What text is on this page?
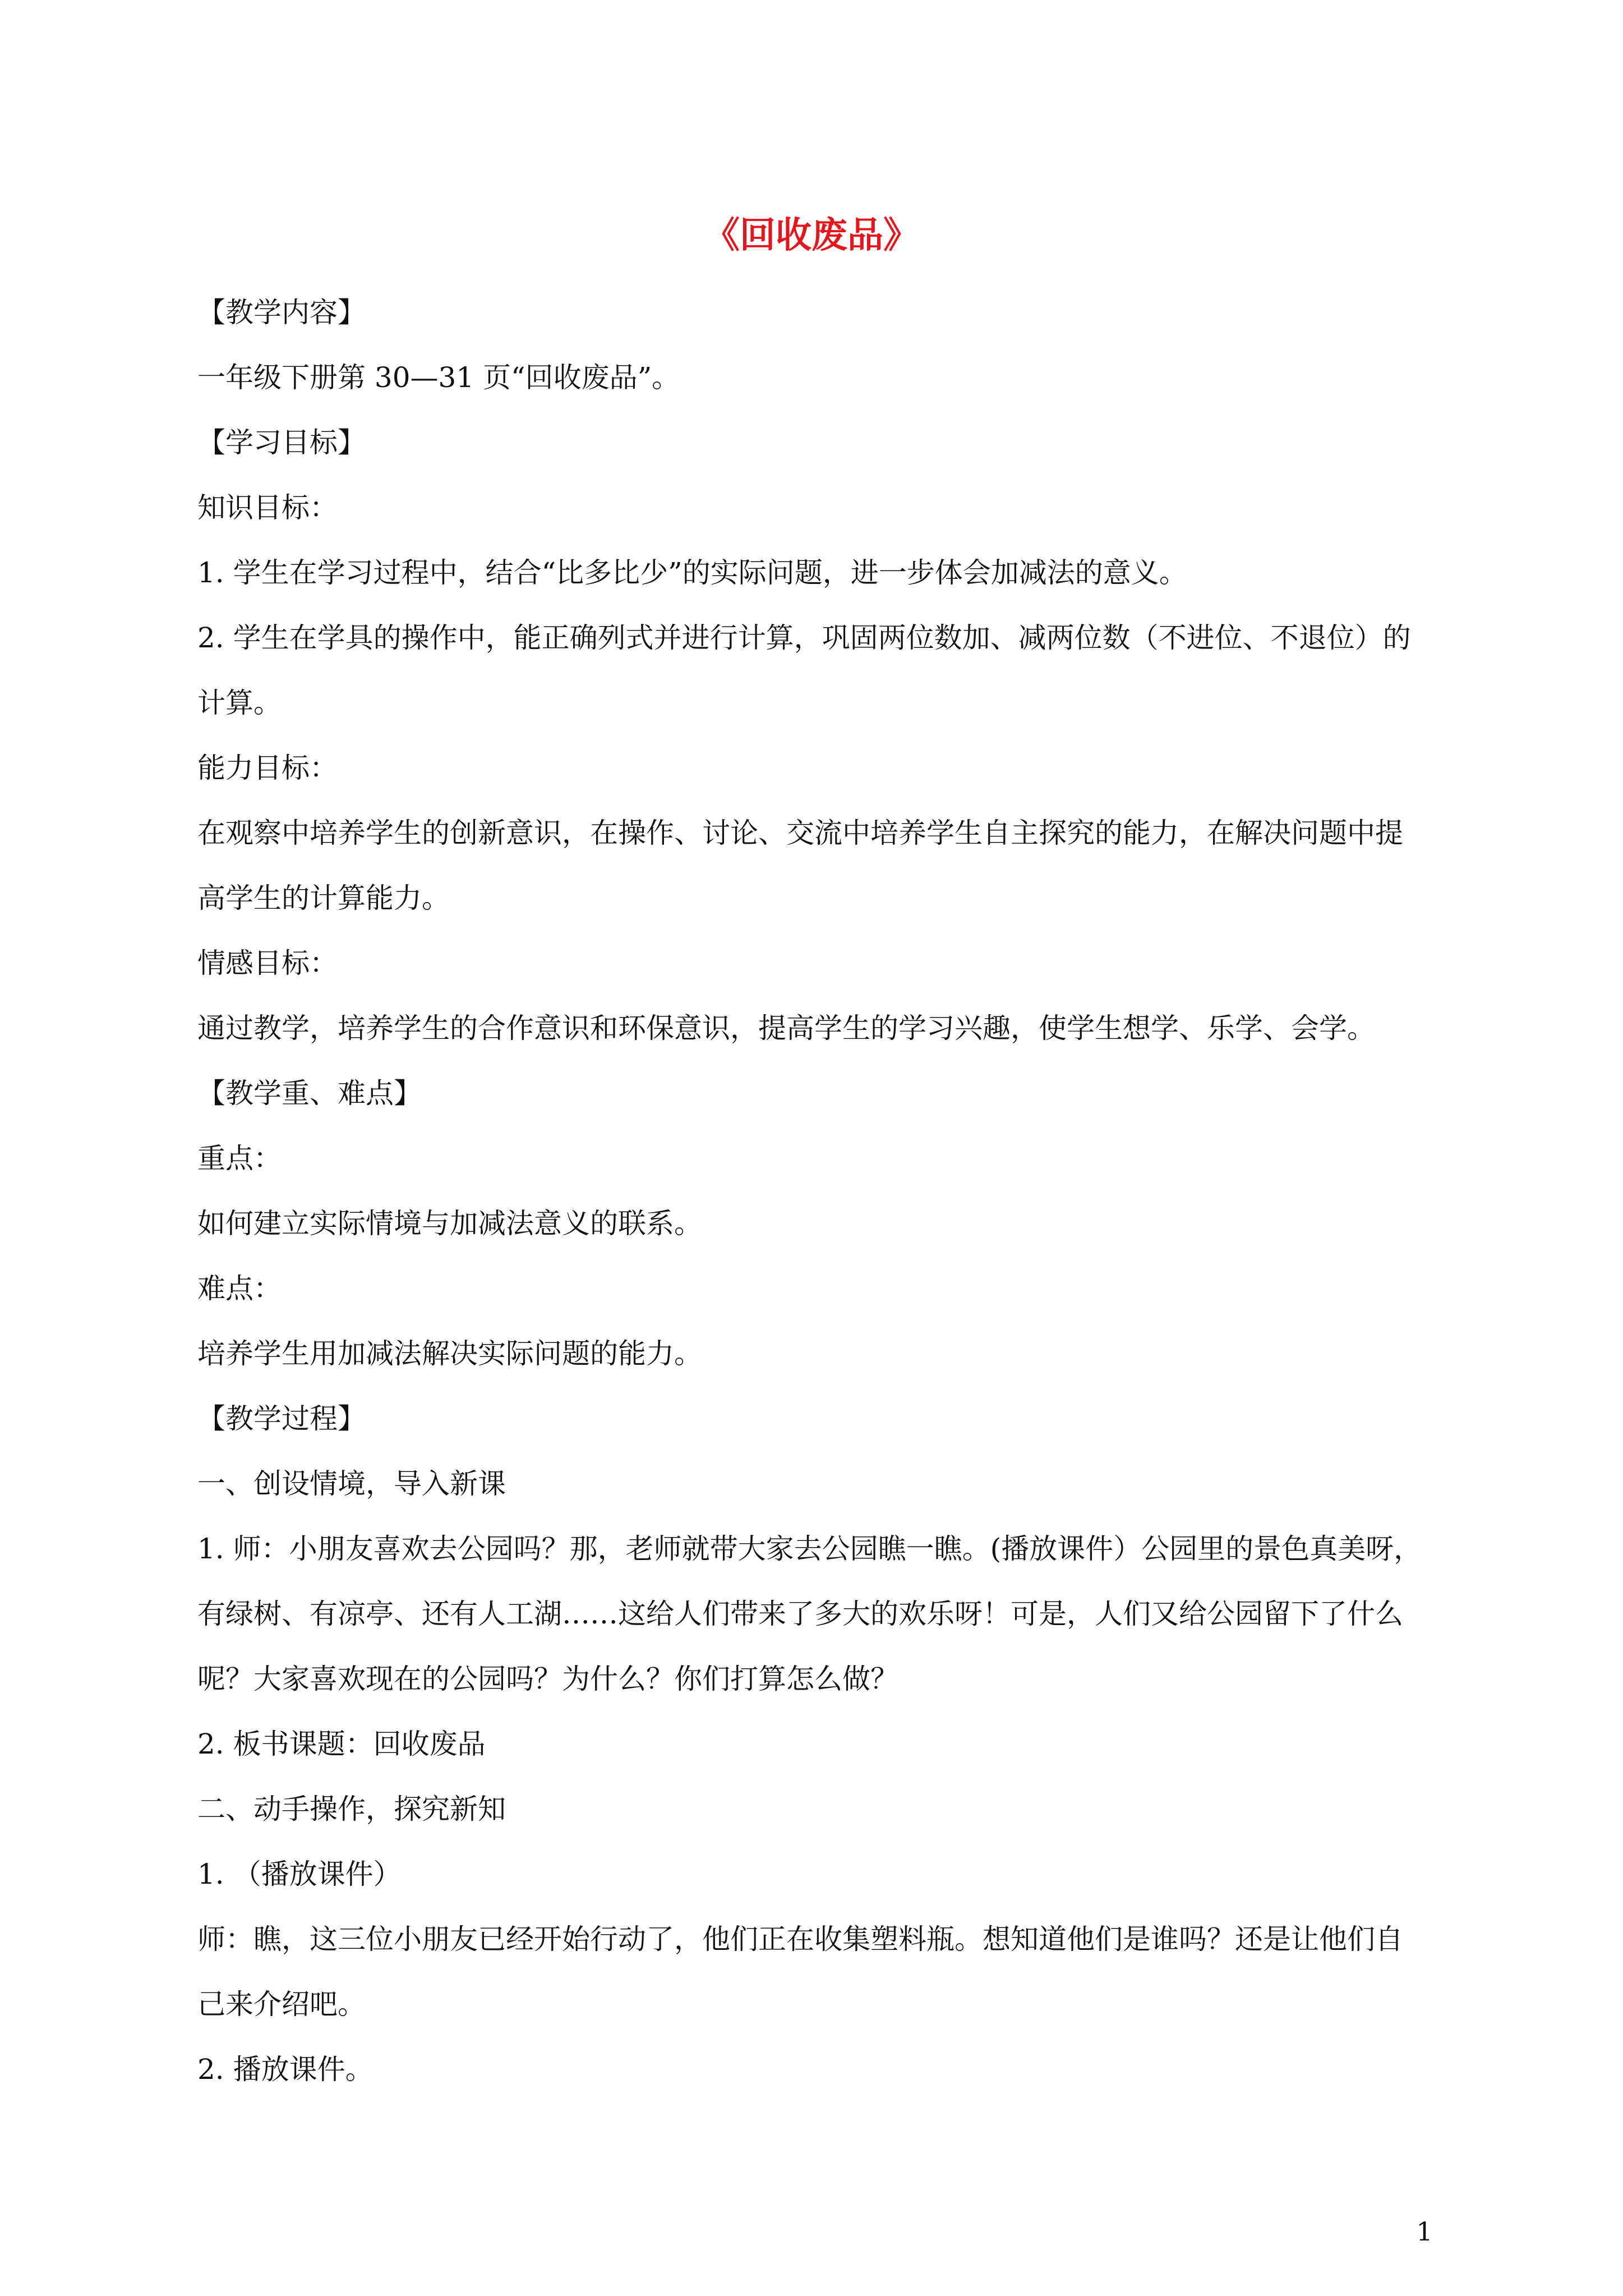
《回收废品》
【教学内容】
一年级下册第 30—31 页“回收废品”。
【学习目标】
知识目标：
1. 学生在学习过程中，结合“比多比少”的实际问题，进一步体会加减法的意义。
2. 学生在学具的操作中，能正确列式并进行计算，巩固两位数加、减两位数（不进位、不退位）的
计算。
能力目标：
在观察中培养学生的创新意识，在操作、讨论、交流中培养学生自主探究的能力，在解决问题中提
高学生的计算能力。
情感目标：
通过教学，培养学生的合作意识和环保意识，提高学生的学习兴趣，使学生想学、乐学、会学。
【教学重、难点】
重点：
如何建立实际情境与加减法意义的联系。
难点：
培养学生用加减法解决实际问题的能力。
【教学过程】
一、创设情境，导入新课
1. 师：小朋友喜欢去公园吗？那，老师就带大家去公园瞧一瞧。(播放课件）公园里的景色真美呀，
有绿树、有凉亭、还有人工湖……这给人们带来了多大的欢乐呀！可是，人们又给公园留下了什么
呢？大家喜欢现在的公园吗？为什么？你们打算怎么做？
2. 板书课题：回收废品
二、动手操作，探究新知
1. （播放课件）
师：瞧，这三位小朋友已经开始行动了，他们正在收集塑料瓶。想知道他们是谁吗？还是让他们自
己来介绍吧。
2. 播放课件。
1
